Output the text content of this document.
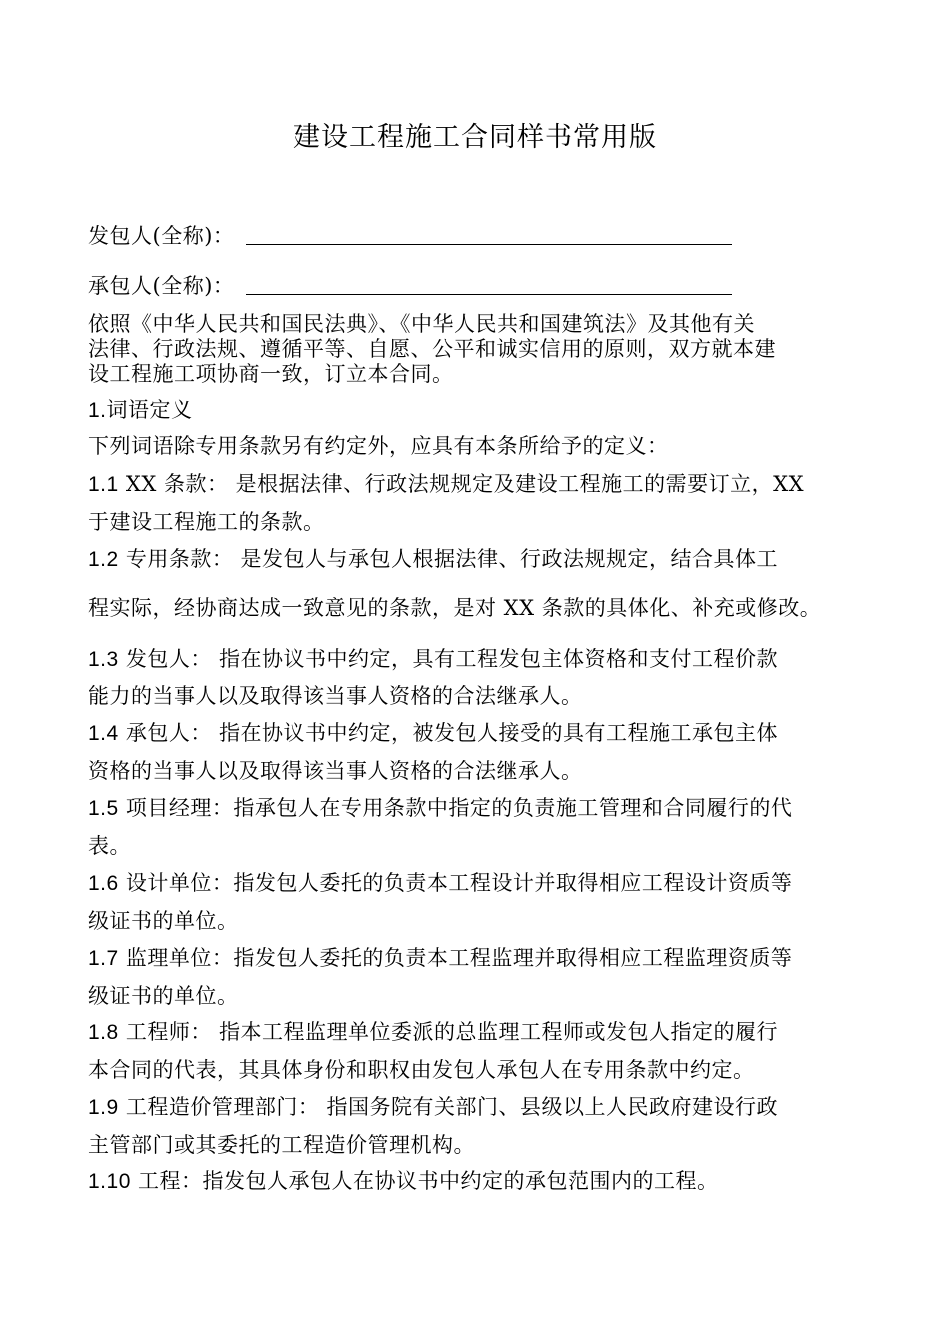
建设工程施工合同样书常用版
发包人(全称)：
承包人(全称)：
依照《中华人民共和国民法典》、《中华人民共和国建筑法》及其他有关
法律、行政法规、遵循平等、自愿、公平和诚实信用的原则，双方就本建
设工程施工项协商一致，订立本合同。
1.词语定义
下列词语除专用条款另有约定外，应具有本条所给予的定义：
1.1 XX 条款： 是根据法律、行政法规规定及建设工程施工的需要订立，XX
于建设工程施工的条款。
1.2 专用条款： 是发包人与承包人根据法律、行政法规规定，结合具体工
程实际，经协商达成一致意见的条款，是对 XX 条款的具体化、补充或修改。
1.3 发包人： 指在协议书中约定，具有工程发包主体资格和支付工程价款
能力的当事人以及取得该当事人资格的合法继承人。
1.4 承包人： 指在协议书中约定，被发包人接受的具有工程施工承包主体
资格的当事人以及取得该当事人资格的合法继承人。
1.5 项目经理：指承包人在专用条款中指定的负责施工管理和合同履行的代
表。
1.6 设计单位：指发包人委托的负责本工程设计并取得相应工程设计资质等
级证书的单位。
1.7 监理单位：指发包人委托的负责本工程监理并取得相应工程监理资质等
级证书的单位。
1.8 工程师： 指本工程监理单位委派的总监理工程师或发包人指定的履行
本合同的代表，其具体身份和职权由发包人承包人在专用条款中约定。
1.9 工程造价管理部门： 指国务院有关部门、县级以上人民政府建设行政
主管部门或其委托的工程造价管理机构。
1.10 工程：指发包人承包人在协议书中约定的承包范围内的工程。
